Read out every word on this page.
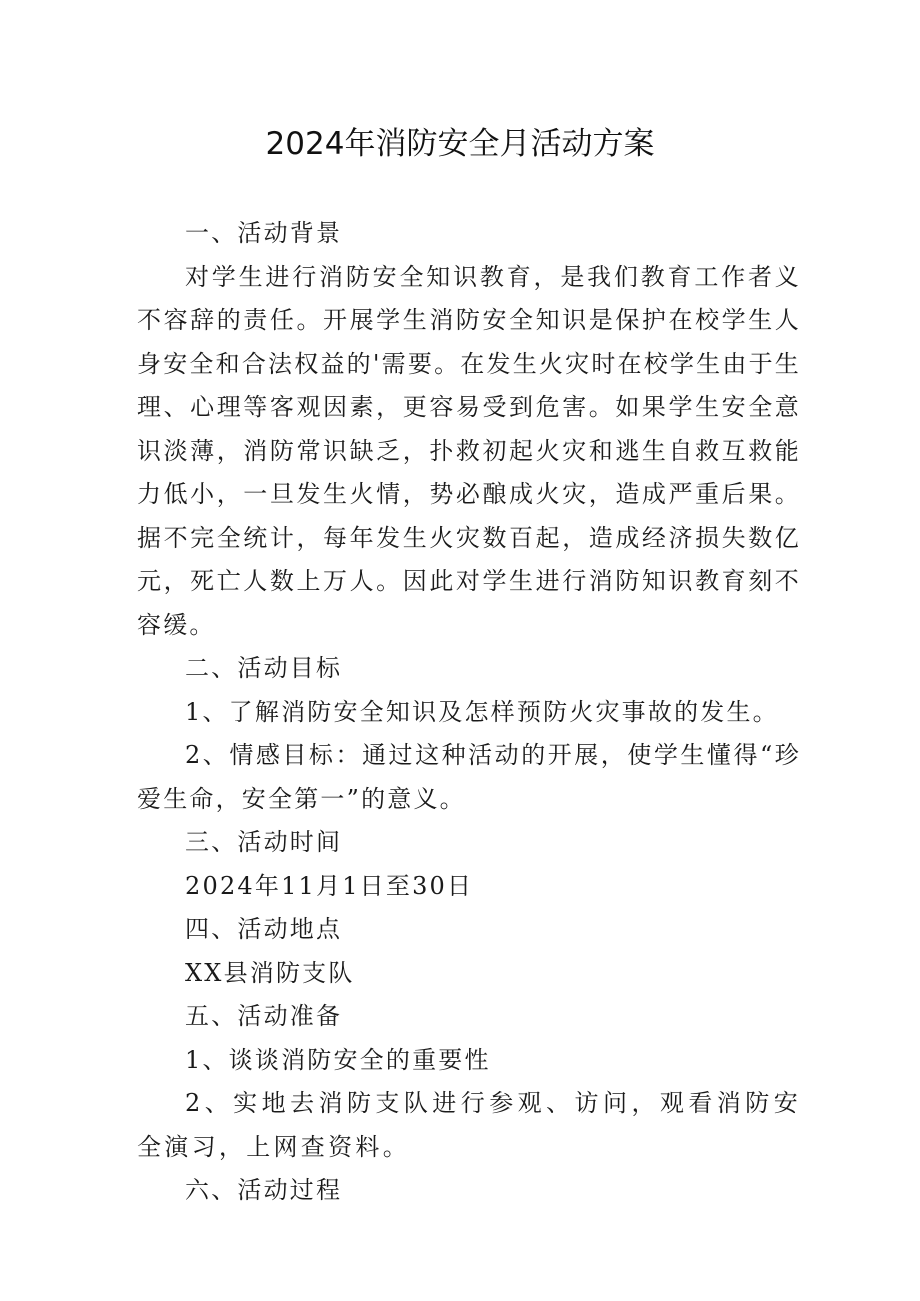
2024年消防安全月活动方案

一、活动背景

对学生进行消防安全知识教育，是我们教育工作者义不容辞的责任。开展学生消防安全知识是保护在校学生人身安全和合法权益的'需要。在发生火灾时在校学生由于生理、心理等客观因素，更容易受到危害。如果学生安全意识淡薄，消防常识缺乏，扑救初起火灾和逃生自救互救能力低小，一旦发生火情，势必酿成火灾，造成严重后果。据不完全统计，每年发生火灾数百起，造成经济损失数亿元，死亡人数上万人。因此对学生进行消防知识教育刻不容缓。

二、活动目标

1、了解消防安全知识及怎样预防火灾事故的发生。

2、情感目标：通过这种活动的开展，使学生懂得“珍爱生命，安全第一”的意义。

三、活动时间

2024年11月1日至30日

四、活动地点

XX县消防支队

五、活动准备

1、谈谈消防安全的重要性

2、实地去消防支队进行参观、访问，观看消防安全演习，上网查资料。

六、活动过程
